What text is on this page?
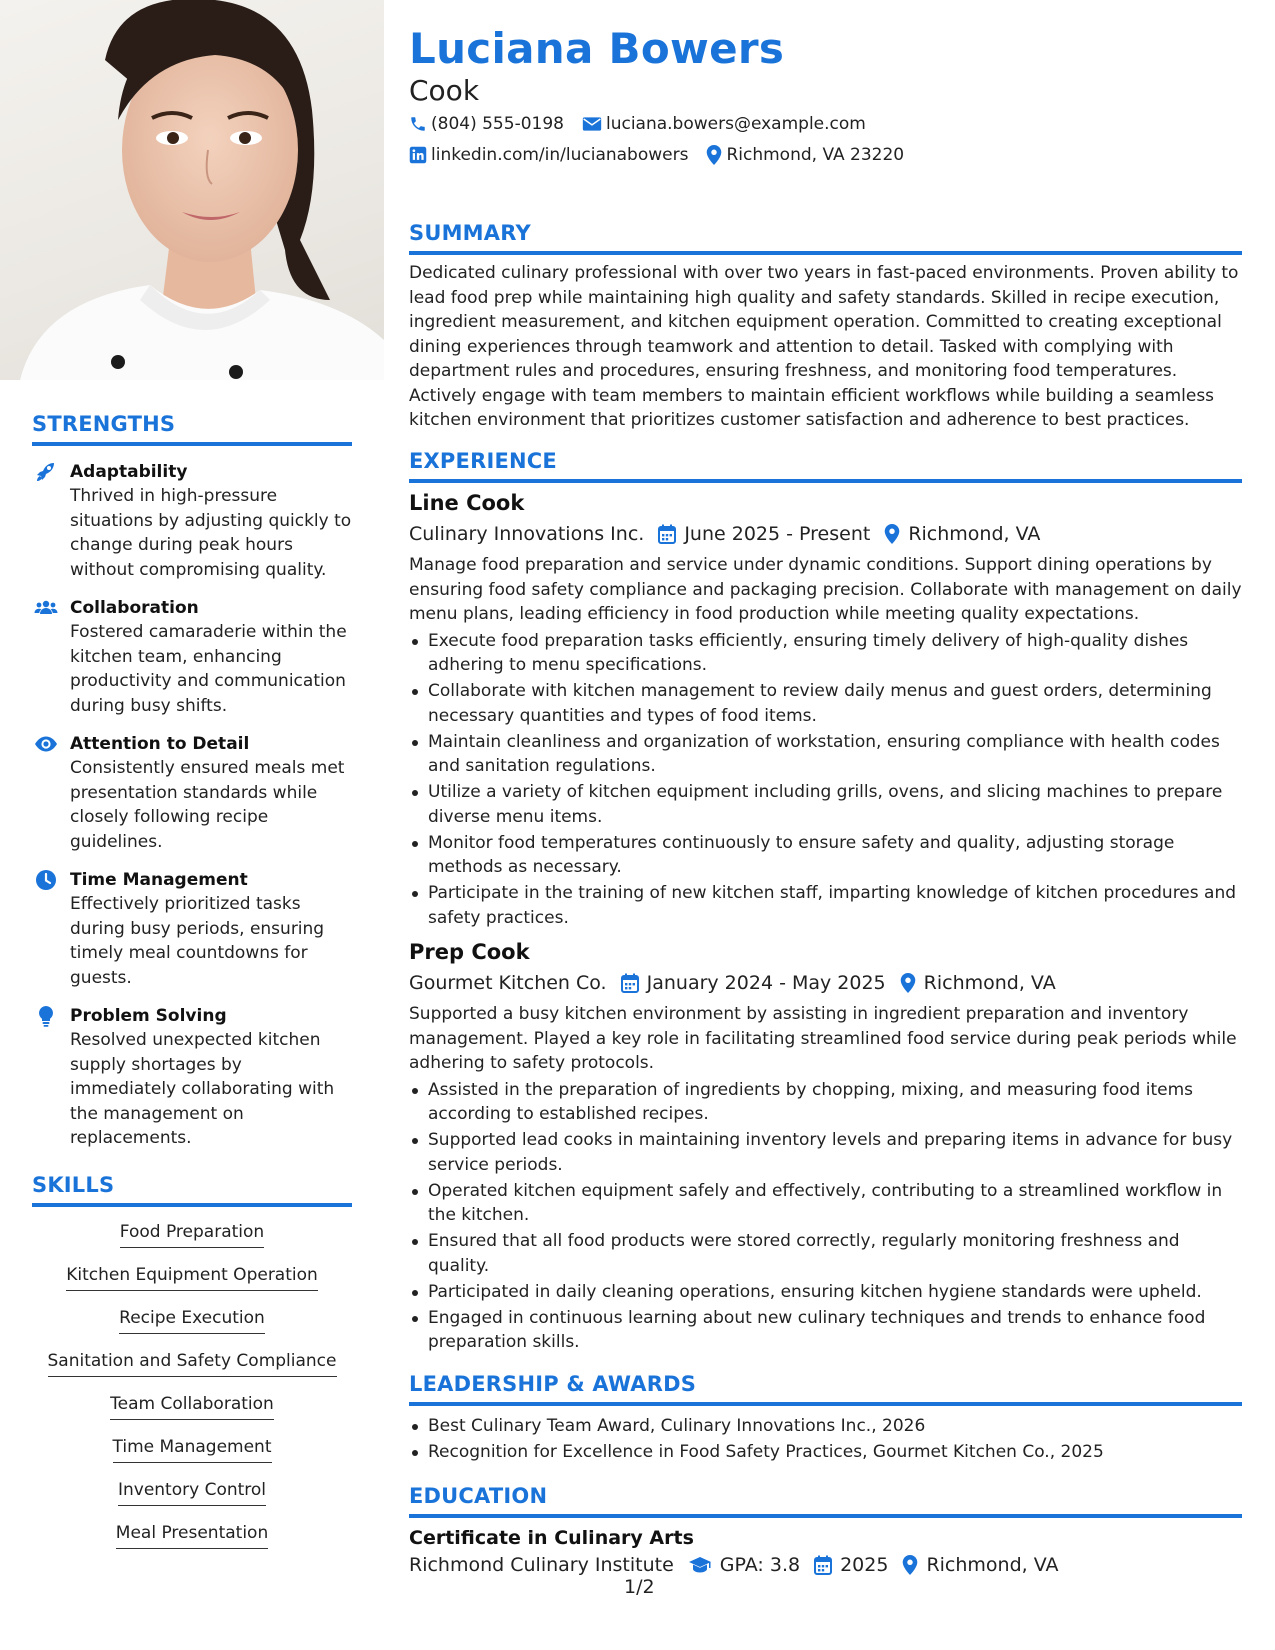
STRENGTHS
Adaptability
Thrived in high-pressure situations by adjusting quickly to change during peak hours without compromising quality.
Collaboration
Fostered camaraderie within the kitchen team, enhancing productivity and communication during busy shifts.
Attention to Detail
Consistently ensured meals met presentation standards while closely following recipe guidelines.
Time Management
Effectively prioritized tasks during busy periods, ensuring timely meal countdowns for guests.
Problem Solving
Resolved unexpected kitchen supply shortages by immediately collaborating with the management on replacements.
SKILLS
Food Preparation
Kitchen Equipment Operation
Recipe Execution
Sanitation and Safety Compliance
Team Collaboration
Time Management
Inventory Control
Meal Presentation
Luciana Bowers
Cook
(804) 555-0198 luciana.bowers@example.com
linkedin.com/in/lucianabowers Richmond, VA 23220
SUMMARY
Dedicated culinary professional with over two years in fast-paced environments. Proven ability to lead food prep while maintaining high quality and safety standards. Skilled in recipe execution, ingredient measurement, and kitchen equipment operation. Committed to creating exceptional dining experiences through teamwork and attention to detail. Tasked with complying with department rules and procedures, ensuring freshness, and monitoring food temperatures. Actively engage with team members to maintain efficient workflows while building a seamless kitchen environment that prioritizes customer satisfaction and adherence to best practices.
EXPERIENCE
Line Cook
Culinary Innovations Inc. June 2025 - Present Richmond, VA
Manage food preparation and service under dynamic conditions. Support dining operations by ensuring food safety compliance and packaging precision. Collaborate with management on daily menu plans, leading efficiency in food production while meeting quality expectations.
Execute food preparation tasks efficiently, ensuring timely delivery of high-quality dishes adhering to menu specifications.
Collaborate with kitchen management to review daily menus and guest orders, determining necessary quantities and types of food items.
Maintain cleanliness and organization of workstation, ensuring compliance with health codes and sanitation regulations.
Utilize a variety of kitchen equipment including grills, ovens, and slicing machines to prepare diverse menu items.
Monitor food temperatures continuously to ensure safety and quality, adjusting storage methods as necessary.
Participate in the training of new kitchen staff, imparting knowledge of kitchen procedures and safety practices.
Prep Cook
Gourmet Kitchen Co. January 2024 - May 2025 Richmond, VA
Supported a busy kitchen environment by assisting in ingredient preparation and inventory management. Played a key role in facilitating streamlined food service during peak periods while adhering to safety protocols.
Assisted in the preparation of ingredients by chopping, mixing, and measuring food items according to established recipes.
Supported lead cooks in maintaining inventory levels and preparing items in advance for busy service periods.
Operated kitchen equipment safely and effectively, contributing to a streamlined workflow in the kitchen.
Ensured that all food products were stored correctly, regularly monitoring freshness and quality.
Participated in daily cleaning operations, ensuring kitchen hygiene standards were upheld.
Engaged in continuous learning about new culinary techniques and trends to enhance food preparation skills.
LEADERSHIP & AWARDS
Best Culinary Team Award, Culinary Innovations Inc., 2026
Recognition for Excellence in Food Safety Practices, Gourmet Kitchen Co., 2025
EDUCATION
Certificate in Culinary Arts
Richmond Culinary Institute GPA: 3.8 2025 Richmond, VA
1/2
